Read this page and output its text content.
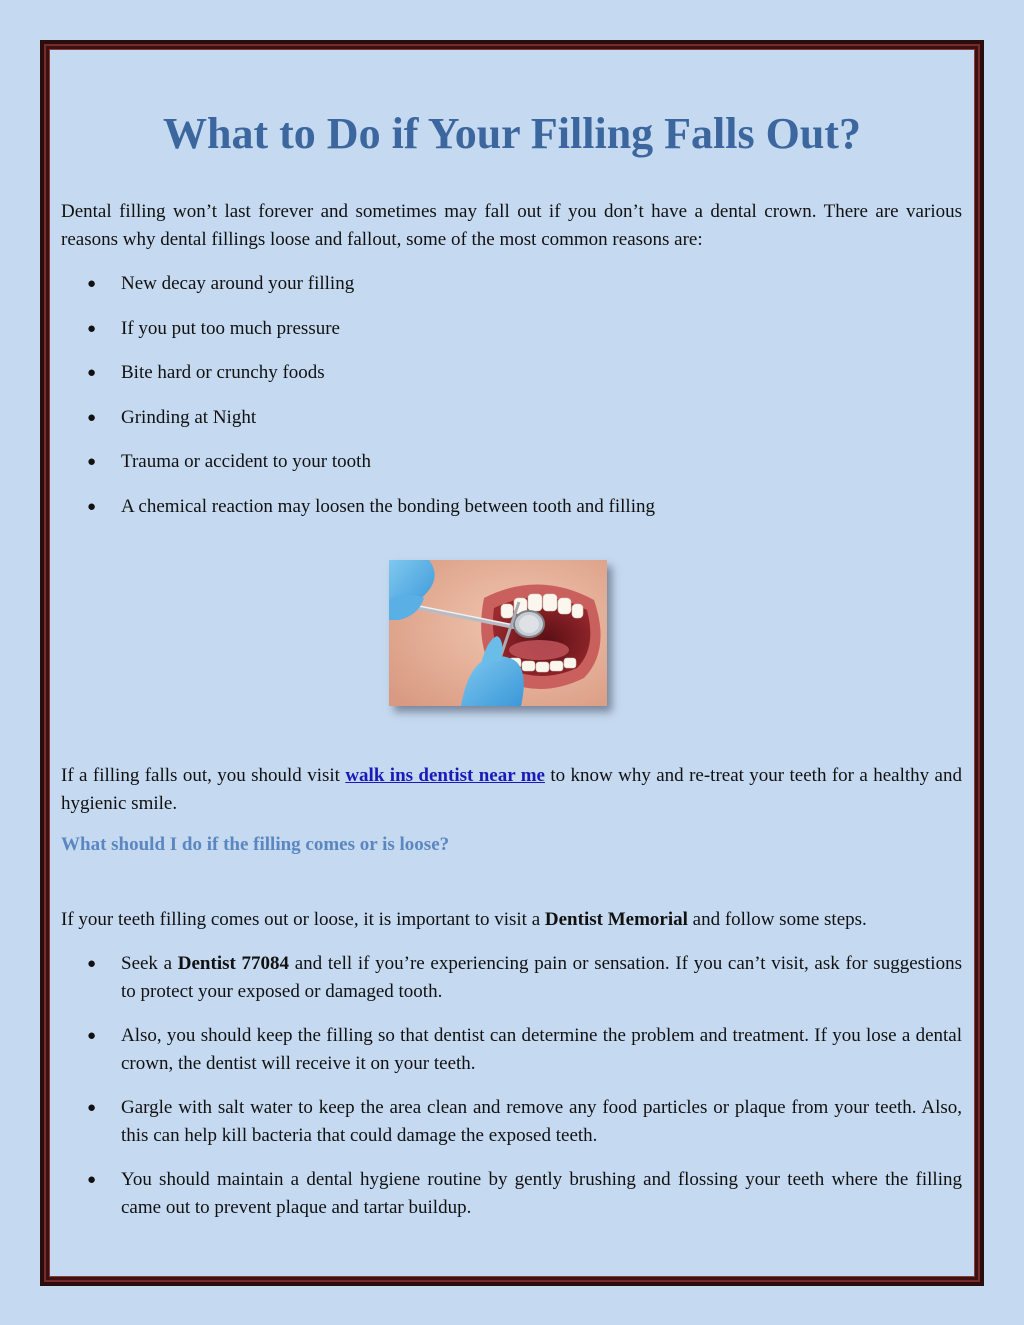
What to Do if Your Filling Falls Out?

Dental filling won’t last forever and sometimes may fall out if you don’t have a dental crown. There are various reasons why dental fillings loose and fallout, some of the most common reasons are:

● New decay around your filling
● If you put too much pressure
● Bite hard or crunchy foods
● Grinding at Night
● Trauma or accident to your tooth
● A chemical reaction may loosen the bonding between tooth and filling

If a filling falls out, you should visit walk ins dentist near me to know why and re-treat your teeth for a healthy and hygienic smile.

What should I do if the filling comes or is loose?

If your teeth filling comes out or loose, it is important to visit a Dentist Memorial and follow some steps.

● Seek a Dentist 77084 and tell if you’re experiencing pain or sensation. If you can’t visit, ask for suggestions to protect your exposed or damaged tooth.
● Also, you should keep the filling so that dentist can determine the problem and treatment. If you lose a dental crown, the dentist will receive it on your teeth.
● Gargle with salt water to keep the area clean and remove any food particles or plaque from your teeth. Also, this can help kill bacteria that could damage the exposed teeth.
● You should maintain a dental hygiene routine by gently brushing and flossing your teeth where the filling came out to prevent plaque and tartar buildup.
